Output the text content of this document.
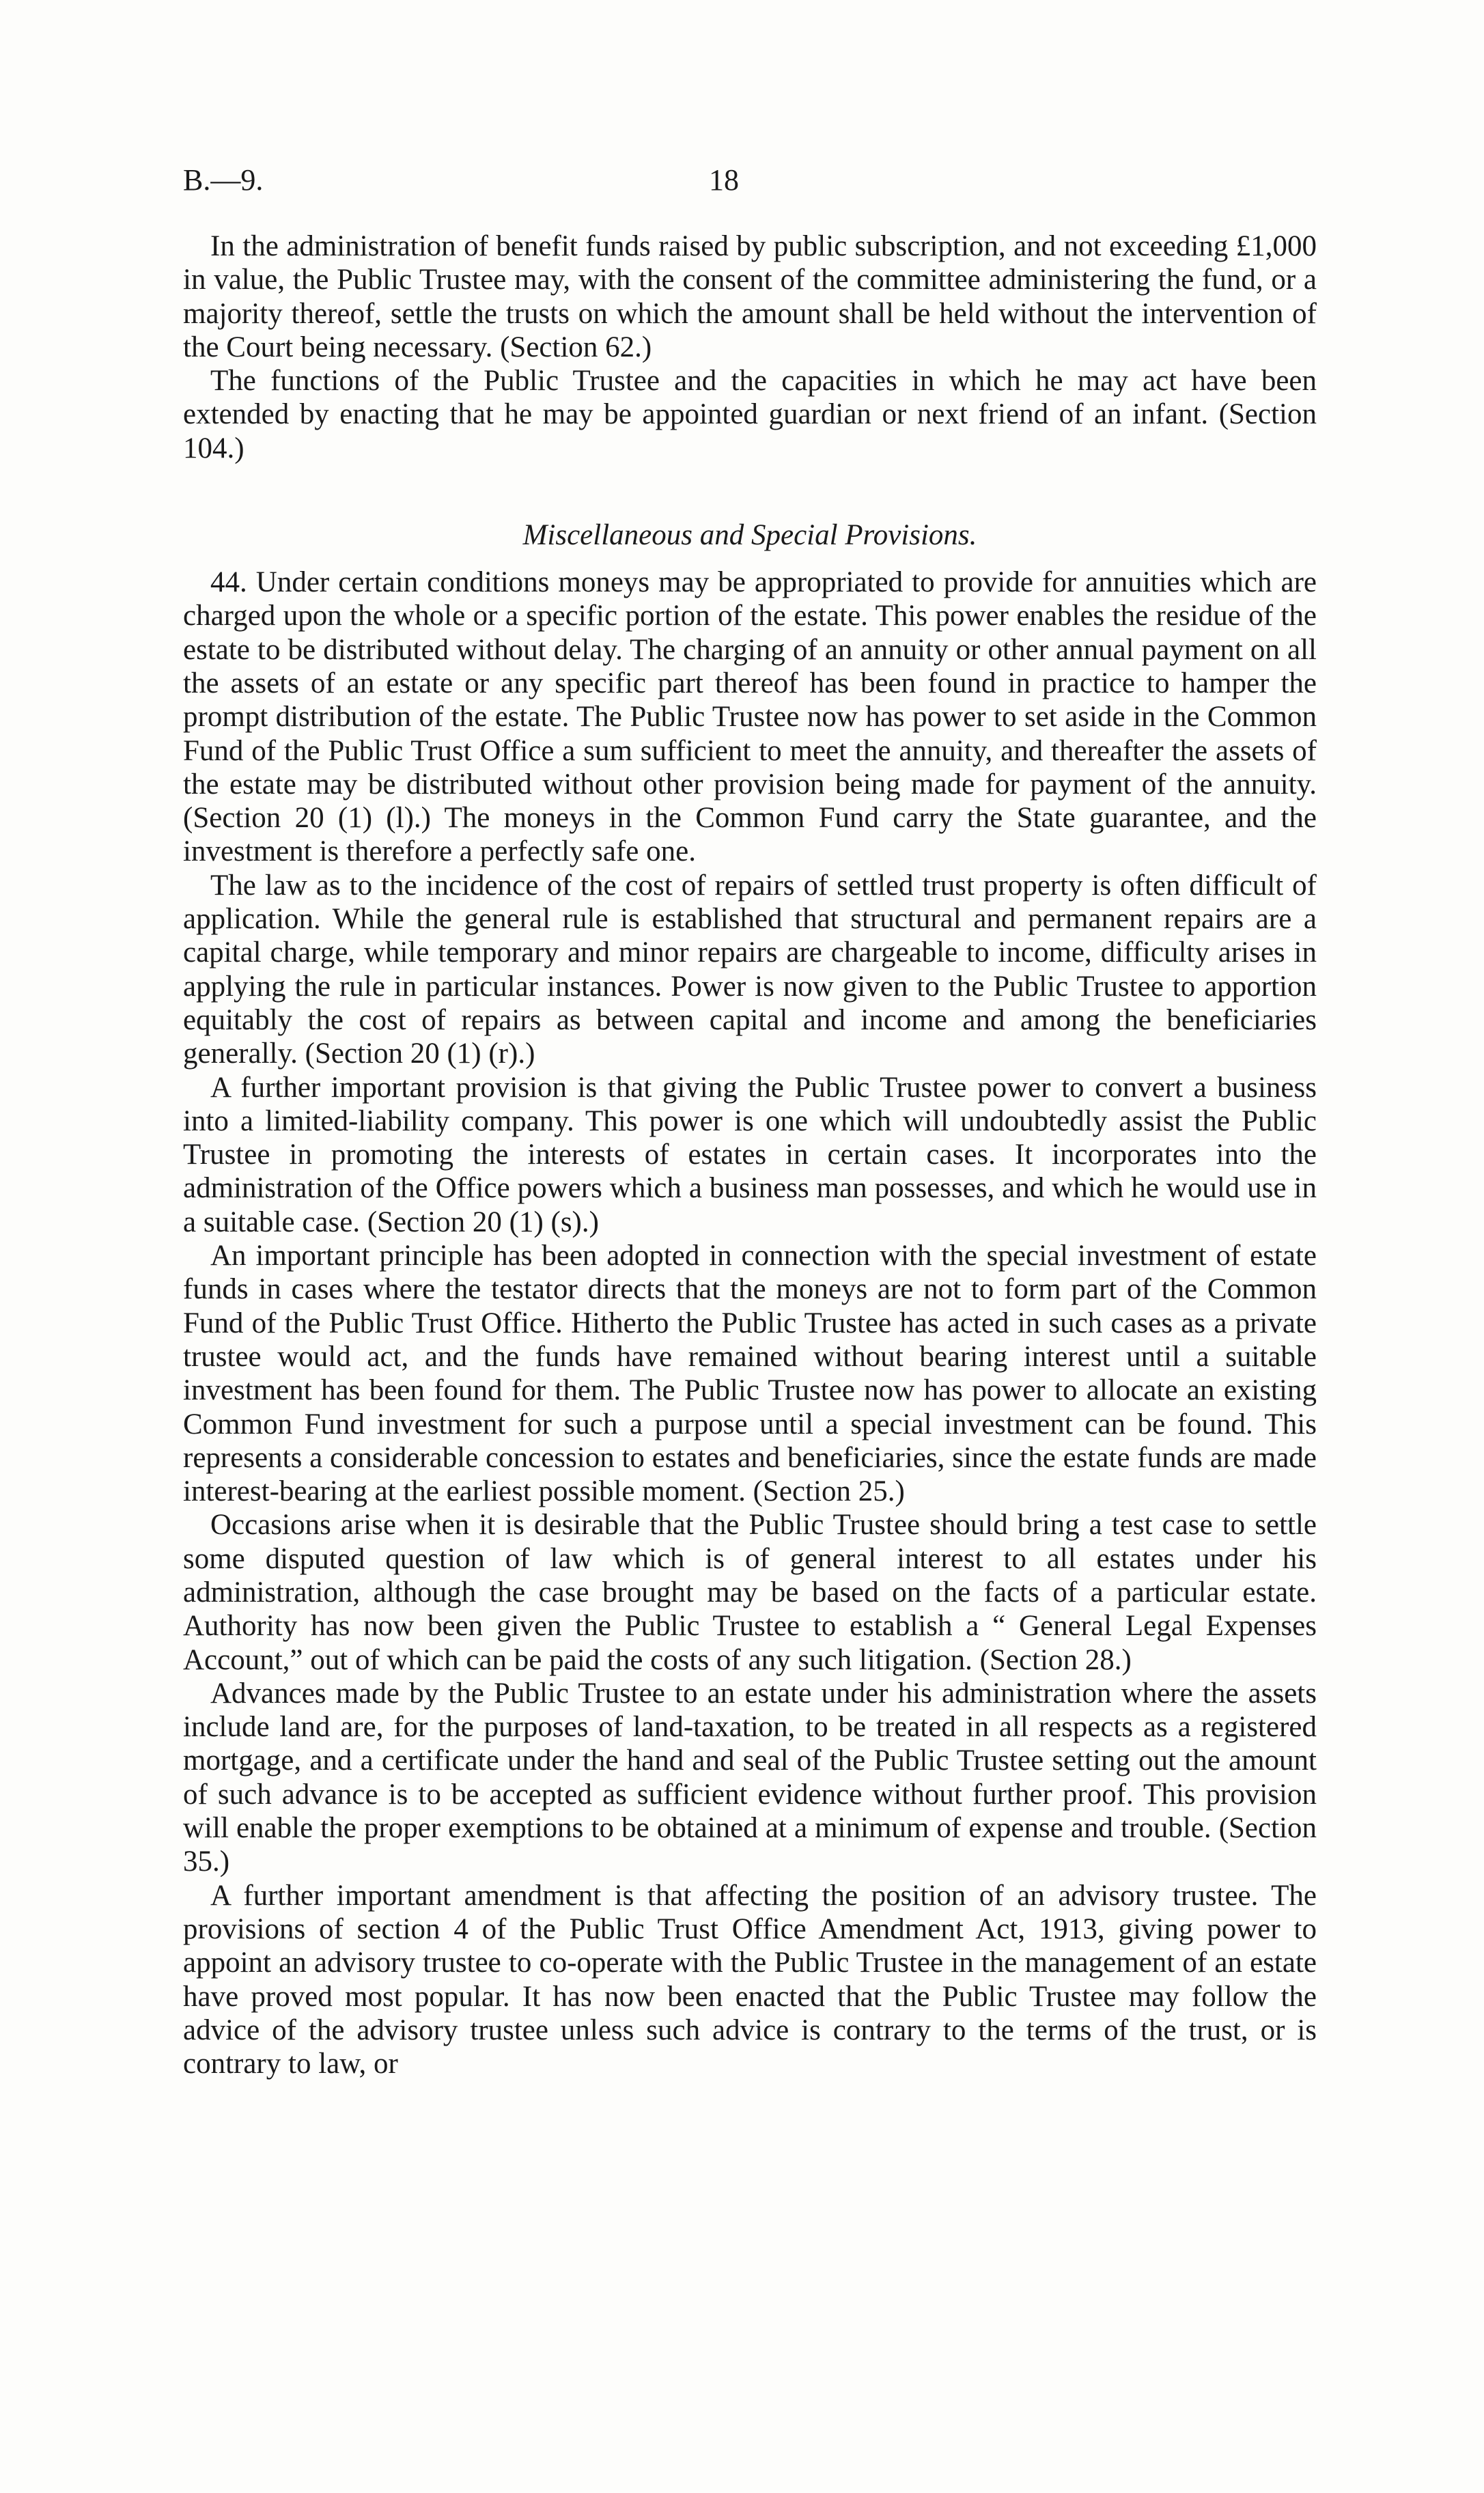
B.—9.	18

In the administration of benefit funds raised by public subscription, and not exceeding £1,000 in value, the Public Trustee may, with the consent of the committee administering the fund, or a majority thereof, settle the trusts on which the amount shall be held without the intervention of the Court being necessary. (Section 62.)

The functions of the Public Trustee and the capacities in which he may act have been extended by enacting that he may be appointed guardian or next friend of an infant. (Section 104.)

Miscellaneous and Special Provisions.

44. Under certain conditions moneys may be appropriated to provide for annuities which are charged upon the whole or a specific portion of the estate. This power enables the residue of the estate to be distributed without delay. The charging of an annuity or other annual payment on all the assets of an estate or any specific part thereof has been found in practice to hamper the prompt distribution of the estate. The Public Trustee now has power to set aside in the Common Fund of the Public Trust Office a sum sufficient to meet the annuity, and thereafter the assets of the estate may be distributed without other provision being made for payment of the annuity. (Section 20 (1) (l).) The moneys in the Common Fund carry the State guarantee, and the investment is therefore a perfectly safe one.

The law as to the incidence of the cost of repairs of settled trust property is often difficult of application. While the general rule is established that structural and permanent repairs are a capital charge, while temporary and minor repairs are chargeable to income, difficulty arises in applying the rule in particular instances. Power is now given to the Public Trustee to apportion equitably the cost of repairs as between capital and income and among the beneficiaries generally. (Section 20 (1) (r).)

A further important provision is that giving the Public Trustee power to convert a business into a limited-liability company. This power is one which will undoubtedly assist the Public Trustee in promoting the interests of estates in certain cases. It incorporates into the administration of the Office powers which a business man possesses, and which he would use in a suitable case. (Section 20 (1) (s).)

An important principle has been adopted in connection with the special investment of estate funds in cases where the testator directs that the moneys are not to form part of the Common Fund of the Public Trust Office. Hitherto the Public Trustee has acted in such cases as a private trustee would act, and the funds have remained without bearing interest until a suitable investment has been found for them. The Public Trustee now has power to allocate an existing Common Fund investment for such a purpose until a special investment can be found. This represents a considerable concession to estates and beneficiaries, since the estate funds are made interest-bearing at the earliest possible moment. (Section 25.)

Occasions arise when it is desirable that the Public Trustee should bring a test case to settle some disputed question of law which is of general interest to all estates under his administration, although the case brought may be based on the facts of a particular estate. Authority has now been given the Public Trustee to establish a “ General Legal Expenses Account,” out of which can be paid the costs of any such litigation. (Section 28.)

Advances made by the Public Trustee to an estate under his administration where the assets include land are, for the purposes of land-taxation, to be treated in all respects as a registered mortgage, and a certificate under the hand and seal of the Public Trustee setting out the amount of such advance is to be accepted as sufficient evidence without further proof. This provision will enable the proper exemptions to be obtained at a minimum of expense and trouble. (Section 35.)

A further important amendment is that affecting the position of an advisory trustee. The provisions of section 4 of the Public Trust Office Amendment Act, 1913, giving power to appoint an advisory trustee to co-operate with the Public Trustee in the management of an estate have proved most popular. It has now been enacted that the Public Trustee may follow the advice of the advisory trustee unless such advice is contrary to the terms of the trust, or is contrary to law, or
